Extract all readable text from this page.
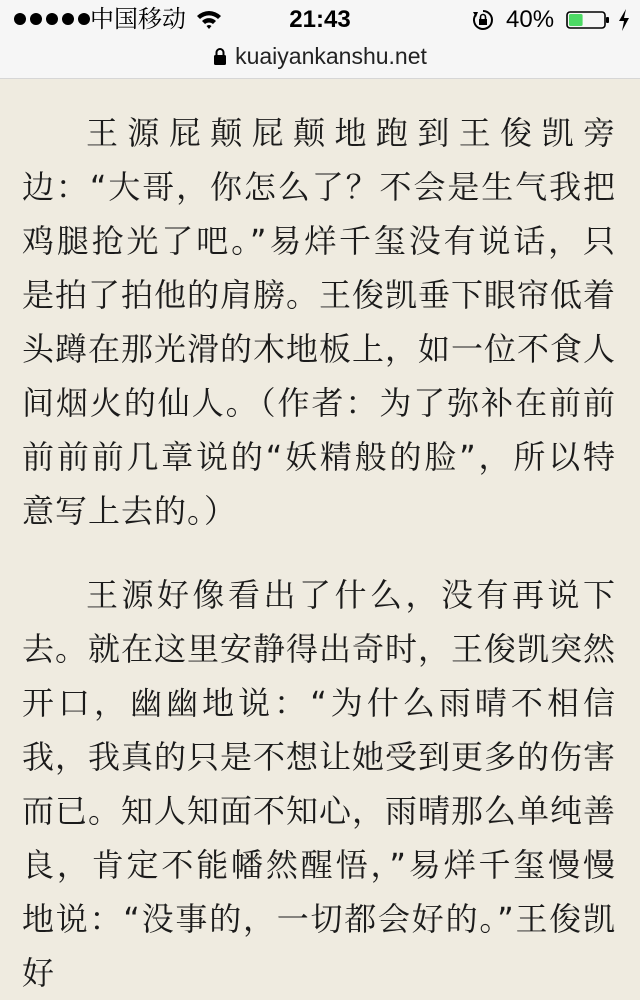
中国移动	21:43	40%
kuaiyankanshu.net

王源屁颠屁颠地跑到王俊凯旁边：“大哥，你怎么了？不会是生气我把鸡腿抢光了吧。”易烊千玺没有说话，只是拍了拍他的肩膀。王俊凯垂下眼帘低着头蹲在那光滑的木地板上，如一位不食人间烟火的仙人。（作者：为了弥补在前前前前前几章说的“妖精般的脸”，所以特意写上去的。）

王源好像看出了什么，没有再说下去。就在这里安静得出奇时，王俊凯突然开口，幽幽地说：“为什么雨晴不相信我，我真的只是不想让她受到更多的伤害而已。知人知面不知心，雨晴那么单纯善良，肯定不能幡然醒悟，”易烊千玺慢慢地说：“没事的，一切都会好的。”王俊凯好
